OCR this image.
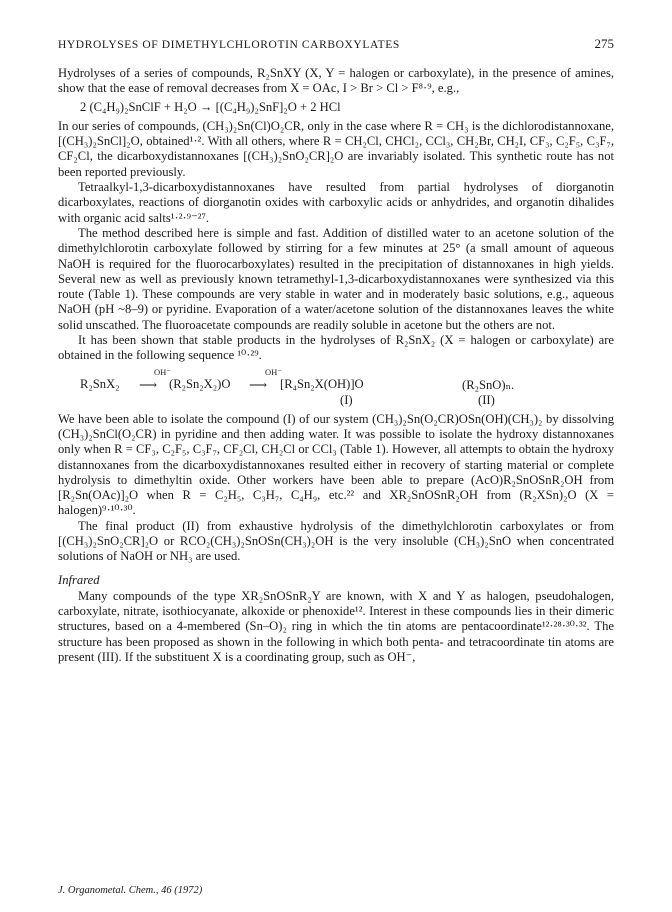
HYDROLYSES OF DIMETHYLCHLOROTIN CARBOXYLATES	275

Hydrolyses of a series of compounds, R₂SnXY (X, Y = halogen or carboxylate), in the presence of amines, show that the ease of removal decreases from X = OAc, I > Br > Cl > F⁸·⁹, e.g.,

2 (C₄H₉)₂SnClF + H₂O → [(C₄H₉)₂SnF]₂O + 2 HCl

In our series of compounds, (CH₃)₂Sn(Cl)O₂CR, only in the case where R = CH₃ is the dichlorodistannoxane, [(CH₃)₂SnCl]₂O, obtained¹·². With all others, where R = CH₂Cl, CHCl₂, CCl₃, CH₂Br, CH₂I, CF₃, C₂F₅, C₃F₇, CF₂Cl, the dicarboxydistannoxanes [(CH₃)₂SnO₂CR]₂O are invariably isolated. This synthetic route has not been reported previously.

Tetraalkyl-1,3-dicarboxydistannoxanes have resulted from partial hydrolyses of diorganotin dicarboxylates, reactions of diorganotin oxides with carboxylic acids or anhydrides, and organotin dihalides with organic acid salts¹·²·⁹⁻²⁷.

The method described here is simple and fast. Addition of distilled water to an acetone solution of the dimethylchlorotin carboxylate followed by stirring for a few minutes at 25° (a small amount of aqueous NaOH is required for the fluorocarboxylates) resulted in the precipitation of distannoxanes in high yields. Several new as well as previously known tetramethyl-1,3-dicarboxydistannoxanes were synthesized via this route (Table 1). These compounds are very stable in water and in moderately basic solutions, e.g., aqueous NaOH (pH ~8–9) or pyridine. Evaporation of a water/acetone solution of the distannoxanes leaves the white solid unscathed. The fluoroacetate compounds are readily soluble in acetone but the others are not.

It has been shown that stable products in the hydrolyses of R₂SnX₂ (X = halogen or carboxylate) are obtained in the following sequence ¹⁰·²⁹.

OH⁻	OH⁻
R₂SnX₂ ⟶ (R₂Sn₂X₂)O ⟶ [R₄Sn₂X(OH)]O	(R₂SnO)ₙ.
(I)	(II)

We have been able to isolate the compound (I) of our system (CH₃)₂Sn(O₂CR)OSn(OH)(CH₃)₂ by dissolving (CH₃)₂SnCl(O₂CR) in pyridine and then adding water. It was possible to isolate the hydroxy distannoxanes only when R = CF₃, C₂F₅, C₃F₇, CF₂Cl, CH₂Cl or CCl₃ (Table 1). However, all attempts to obtain the hydroxy distannoxanes from the dicarboxydistannoxanes resulted either in recovery of starting material or complete hydrolysis to dimethyltin oxide. Other workers have been able to prepare (AcO)R₂SnOSnR₂OH from [R₂Sn(OAc)]₂O when R = C₂H₅, C₃H₇, C₄H₉, etc.²² and XR₂SnOSnR₂OH from (R₂XSn)₂O (X = halogen)⁹·¹⁰·³⁰.

The final product (II) from exhaustive hydrolysis of the dimethylchlorotin carboxylates or from [(CH₃)₂SnO₂CR]₂O or RCO₂(CH₃)₂SnOSn(CH₃)₂OH is the very insoluble (CH₃)₂SnO when concentrated solutions of NaOH or NH₃ are used.

Infrared

Many compounds of the type XR₂SnOSnR₂Y are known, with X and Y as halogen, pseudohalogen, carboxylate, nitrate, isothiocyanate, alkoxide or phenoxide¹². Interest in these compounds lies in their dimeric structures, based on a 4-membered (Sn–O)₂ ring in which the tin atoms are pentacoordinate¹²·²⁸·³⁰·³². The structure has been proposed as shown in the following in which both penta- and tetracoordinate tin atoms are present (III). If the substituent X is a coordinating group, such as OH⁻,

J. Organometal. Chem., 46 (1972)
